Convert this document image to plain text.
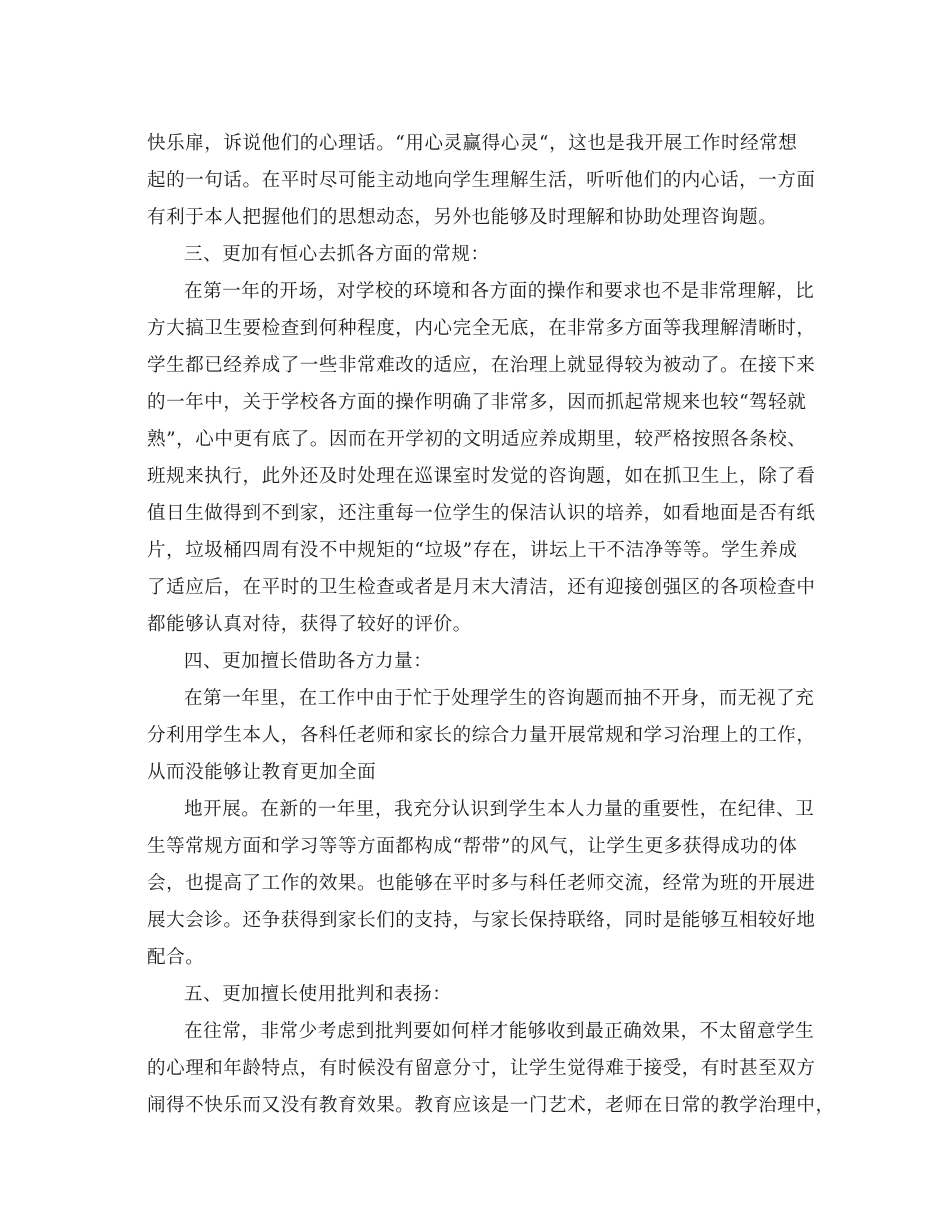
快乐扉，诉说他们的心理话。“用心灵赢得心灵“，这也是我开展工作时经常想
起的一句话。在平时尽可能主动地向学生理解生活，听听他们的内心话，一方面
有利于本人把握他们的思想动态，另外也能够及时理解和协助处理咨询题。
三、更加有恒心去抓各方面的常规：
在第一年的开场，对学校的环境和各方面的操作和要求也不是非常理解，比
方大搞卫生要检查到何种程度，内心完全无底，在非常多方面等我理解清晰时，
学生都已经养成了一些非常难改的适应，在治理上就显得较为被动了。在接下来
的一年中，关于学校各方面的操作明确了非常多，因而抓起常规来也较“驾轻就
熟”，心中更有底了。因而在开学初的文明适应养成期里，较严格按照各条校、
班规来执行，此外还及时处理在巡课室时发觉的咨询题，如在抓卫生上，除了看
值日生做得到不到家，还注重每一位学生的保洁认识的培养，如看地面是否有纸
片，垃圾桶四周有没不中规矩的“垃圾”存在，讲坛上干不洁净等等。学生养成
了适应后，在平时的卫生检查或者是月末大清洁，还有迎接创强区的各项检查中
都能够认真对待，获得了较好的评价。
四、更加擅长借助各方力量：
在第一年里，在工作中由于忙于处理学生的咨询题而抽不开身，而无视了充
分利用学生本人，各科任老师和家长的综合力量开展常规和学习治理上的工作，
从而没能够让教育更加全面
地开展。在新的一年里，我充分认识到学生本人力量的重要性，在纪律、卫
生等常规方面和学习等等方面都构成“帮带”的风气，让学生更多获得成功的体
会，也提高了工作的效果。也能够在平时多与科任老师交流，经常为班的开展进
展大会诊。还争获得到家长们的支持，与家长保持联络，同时是能够互相较好地
配合。
五、更加擅长使用批判和表扬：
在往常，非常少考虑到批判要如何样才能够收到最正确效果，不太留意学生
的心理和年龄特点，有时候没有留意分寸，让学生觉得难于接受，有时甚至双方
闹得不快乐而又没有教育效果。教育应该是一门艺术，老师在日常的教学治理中，
